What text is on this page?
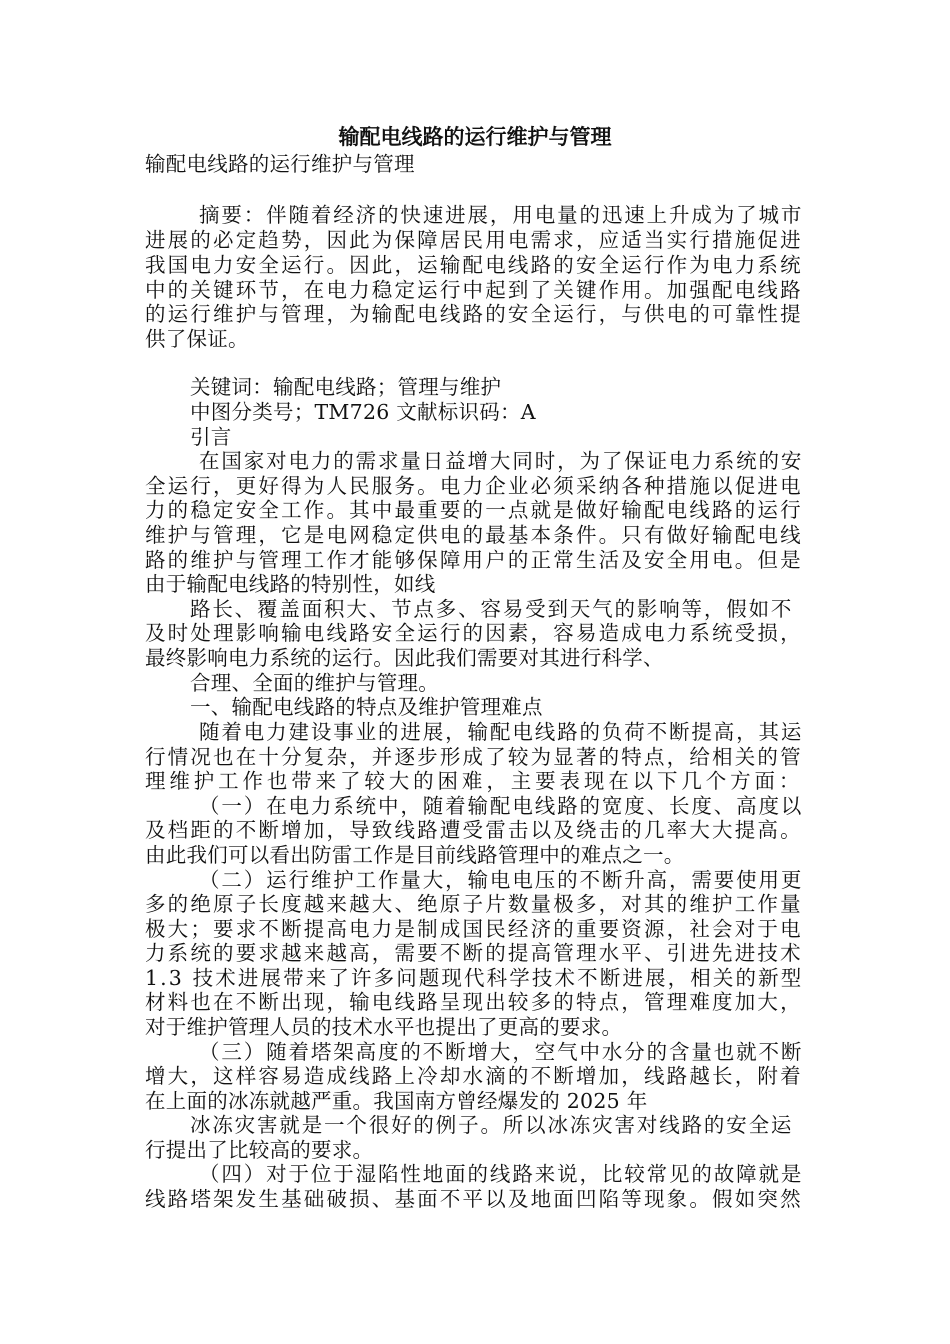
输配电线路的运行维护与管理
输配电线路的运行维护与管理
摘要：伴随着经济的快速进展，用电量的迅速上升成为了城市
进展的必定趋势，因此为保障居民用电需求，应适当实行措施促进
我国电力安全运行。因此，运输配电线路的安全运行作为电力系统
中的关键环节，在电力稳定运行中起到了关键作用。加强配电线路
的运行维护与管理，为输配电线路的安全运行，与供电的可靠性提
供了保证。
关键词：输配电线路；管理与维护
中图分类号；TM726 文献标识码：A
引言
在国家对电力的需求量日益增大同时，为了保证电力系统的安
全运行，更好得为人民服务。电力企业必须采纳各种措施以促进电
力的稳定安全工作。其中最重要的一点就是做好输配电线路的运行
维护与管理，它是电网稳定供电的最基本条件。只有做好输配电线
路的维护与管理工作才能够保障用户的正常生活及安全用电。但是
由于输配电线路的特别性，如线
路长、覆盖面积大、节点多、容易受到天气的影响等，假如不
及时处理影响输电线路安全运行的因素，容易造成电力系统受损，
最终影响电力系统的运行。因此我们需要对其进行科学、
合理、全面的维护与管理。
一、输配电线路的特点及维护管理难点
随着电力建设事业的进展，输配电线路的负荷不断提高，其运
行情况也在十分复杂，并逐步形成了较为显著的特点，给相关的管
理维护工作也带来了较大的困难，主要表现在以下几个方面：
（一）在电力系统中，随着输配电线路的宽度、长度、高度以
及档距的不断增加，导致线路遭受雷击以及绕击的几率大大提高。
由此我们可以看出防雷工作是目前线路管理中的难点之一。
（二）运行维护工作量大，输电电压的不断升高，需要使用更
多的绝原子长度越来越大、绝原子片数量极多，对其的维护工作量
极大；要求不断提高电力是制成国民经济的重要资源，社会对于电
力系统的要求越来越高，需要不断的提高管理水平、引进先进技术
1.3 技术进展带来了许多问题现代科学技术不断进展，相关的新型
材料也在不断出现，输电线路呈现出较多的特点，管理难度加大，
对于维护管理人员的技术水平也提出了更高的要求。
（三）随着塔架高度的不断增大，空气中水分的含量也就不断
增大，这样容易造成线路上冷却水滴的不断增加，线路越长，附着
在上面的冰冻就越严重。我国南方曾经爆发的 2025 年
冰冻灾害就是一个很好的例子。所以冰冻灾害对线路的安全运
行提出了比较高的要求。
（四）对于位于湿陷性地面的线路来说，比较常见的故障就是
线路塔架发生基础破损、基面不平以及地面凹陷等现象。假如突然
